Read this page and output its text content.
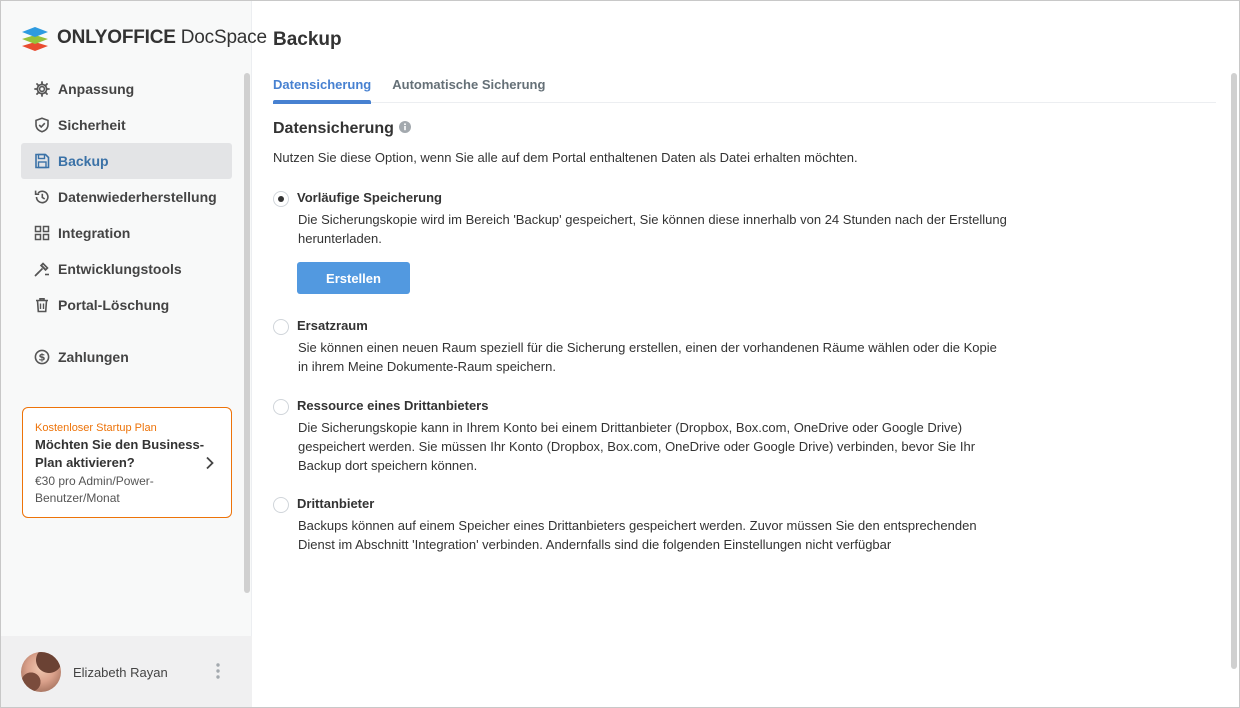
ONLYOFFICE DocSpace
Anpassung
Sicherheit
Backup
Datenwiederherstellung
Integration
Entwicklungstools
Portal-Löschung
$ Zahlungen
Kostenloser Startup Plan
Möchten Sie den Business-Plan aktivieren?
€30 pro Admin/Power-Benutzer/Monat
Elizabeth Rayan
Backup
Datensicherung Automatische Sicherung
Datensicherung
Nutzen Sie diese Option, wenn Sie alle auf dem Portal enthaltenen Daten als Datei erhalten möchten.
Vorläufige Speicherung
Die Sicherungskopie wird im Bereich 'Backup' gespeichert, Sie können diese innerhalb von 24 Stunden nach der Erstellung herunterladen.
Ersatzraum
Sie können einen neuen Raum speziell für die Sicherung erstellen, einen der vorhandenen Räume wählen oder die Kopie in ihrem Meine Dokumente-Raum speichern.
Ressource eines Drittanbieters
Die Sicherungskopie kann in Ihrem Konto bei einem Drittanbieter (Dropbox, Box.com, OneDrive oder Google Drive) gespeichert werden. Sie müssen Ihr Konto (Dropbox, Box.com, OneDrive oder Google Drive) verbinden, bevor Sie Ihr Backup dort speichern können.
Drittanbieter
Backups können auf einem Speicher eines Drittanbieters gespeichert werden. Zuvor müssen Sie den entsprechenden Dienst im Abschnitt 'Integration' verbinden. Andernfalls sind die folgenden Einstellungen nicht verfügbar
Erstellen
